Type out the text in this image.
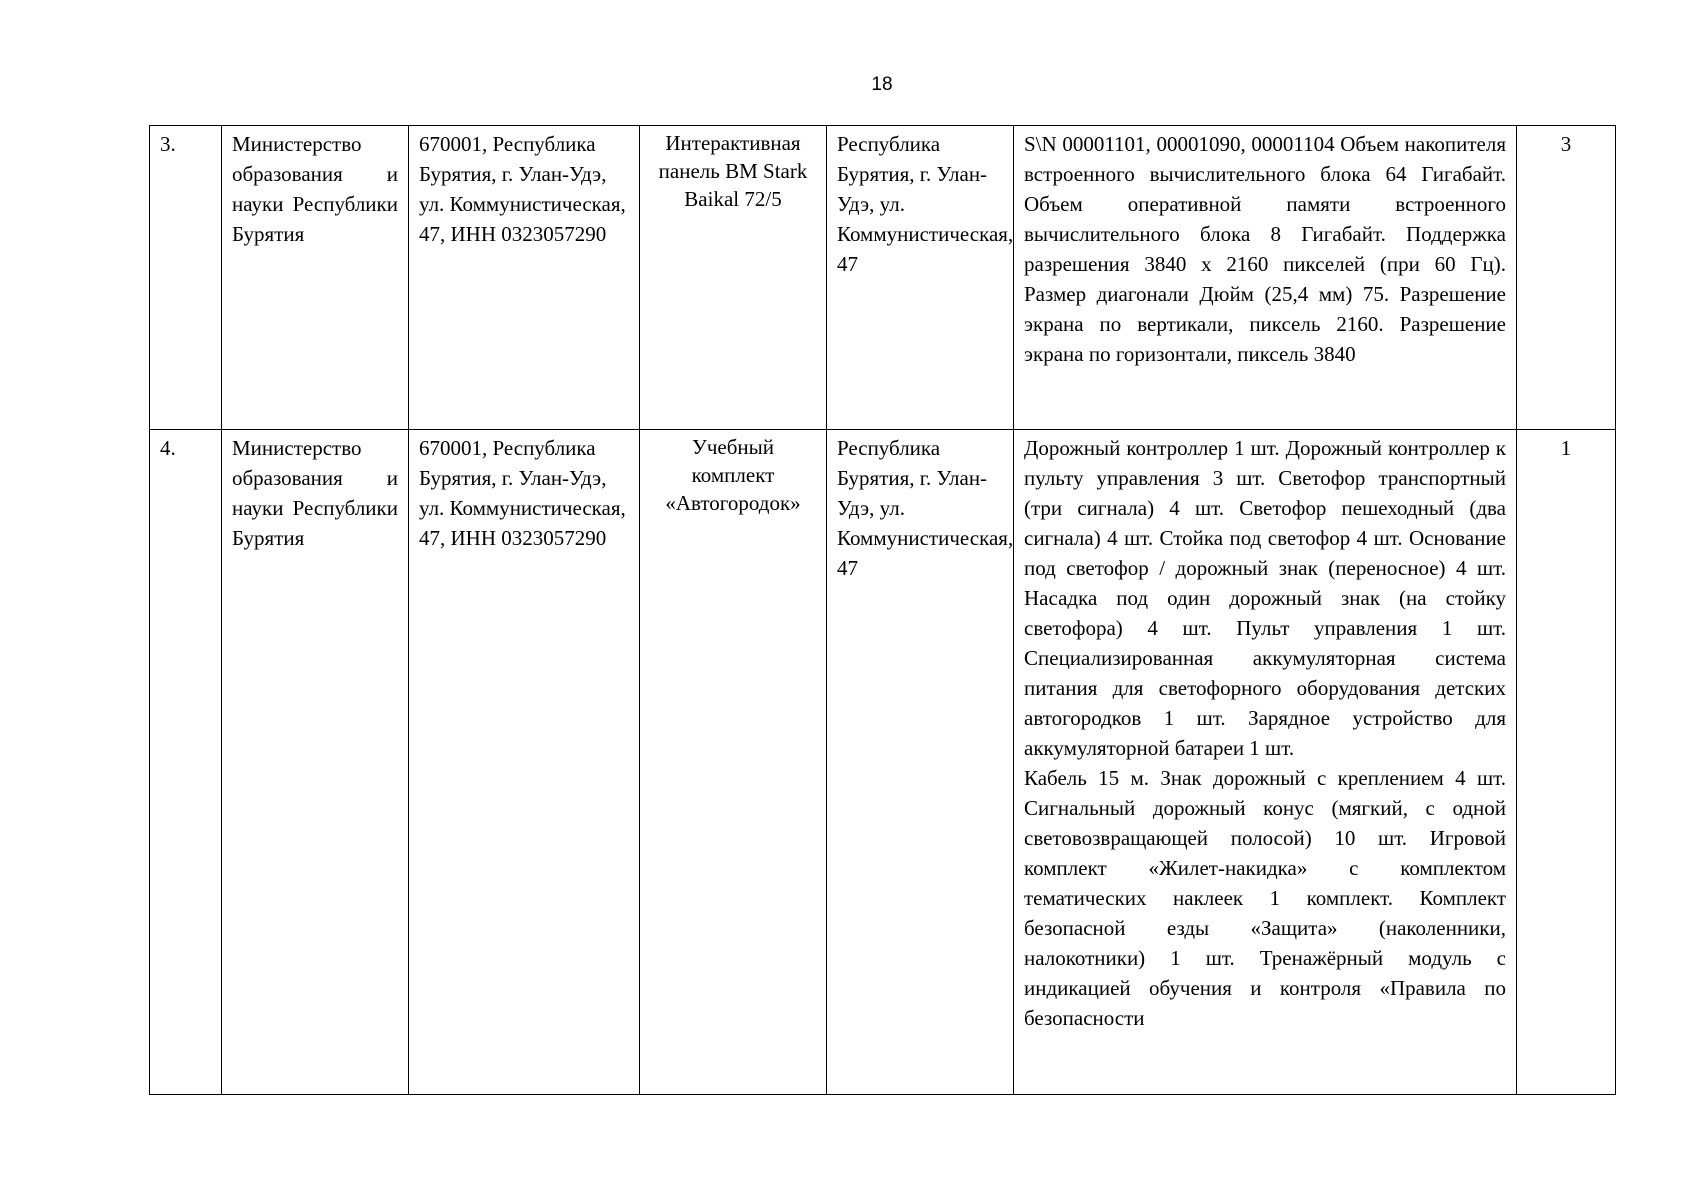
18
3.	Министерство образования и науки Республики Бурятия	670001, Республика Бурятия, г. Улан-Удэ, ул. Коммунистическая, 47, ИНН 0323057290	Интерактивная панель BM Stark Baikal 72/5	Республика Бурятия, г. Улан-Удэ, ул. Коммунистическая, 47	S\N 00001101, 00001090, 00001104 Объем накопителя встроенного вычислительного блока 64 Гигабайт. Объем оперативной памяти встроенного вычислительного блока 8 Гигабайт. Поддержка разрешения 3840 x 2160 пикселей (при 60 Гц). Размер диагонали Дюйм (25,4 мм) 75. Разрешение экрана по вертикали, пиксель 2160. Разрешение экрана по горизонтали, пиксель 3840	3
4.	Министерство образования и науки Республики Бурятия	670001, Республика Бурятия, г. Улан-Удэ, ул. Коммунистическая, 47, ИНН 0323057290	Учебный комплект «Автогородок»	Республика Бурятия, г. Улан-Удэ, ул. Коммунистическая, 47	Дорожный контроллер 1 шт. Дорожный контроллер к пульту управления 3 шт. Светофор транспортный (три сигнала) 4 шт. Светофор пешеходный (два сигнала) 4 шт. Стойка под светофор 4 шт. Основание под светофор / дорожный знак (переносное) 4 шт. Насадка под один дорожный знак (на стойку светофора) 4 шт. Пульт управления 1 шт. Специализированная аккумуляторная система питания для светофорного оборудования детских автогородков 1 шт. Зарядное устройство для аккумуляторной батареи 1 шт.
Кабель 15 м. Знак дорожный с креплением 4 шт. Сигнальный дорожный конус (мягкий, с одной световозвращающей полосой) 10 шт. Игровой комплект «Жилет-накидка» с комплектом тематических наклеек 1 комплект. Комплект безопасной езды «Защита» (наколенники, налокотники) 1 шт. Тренажёрный модуль с индикацией обучения и контроля «Правила по безопасности	1
